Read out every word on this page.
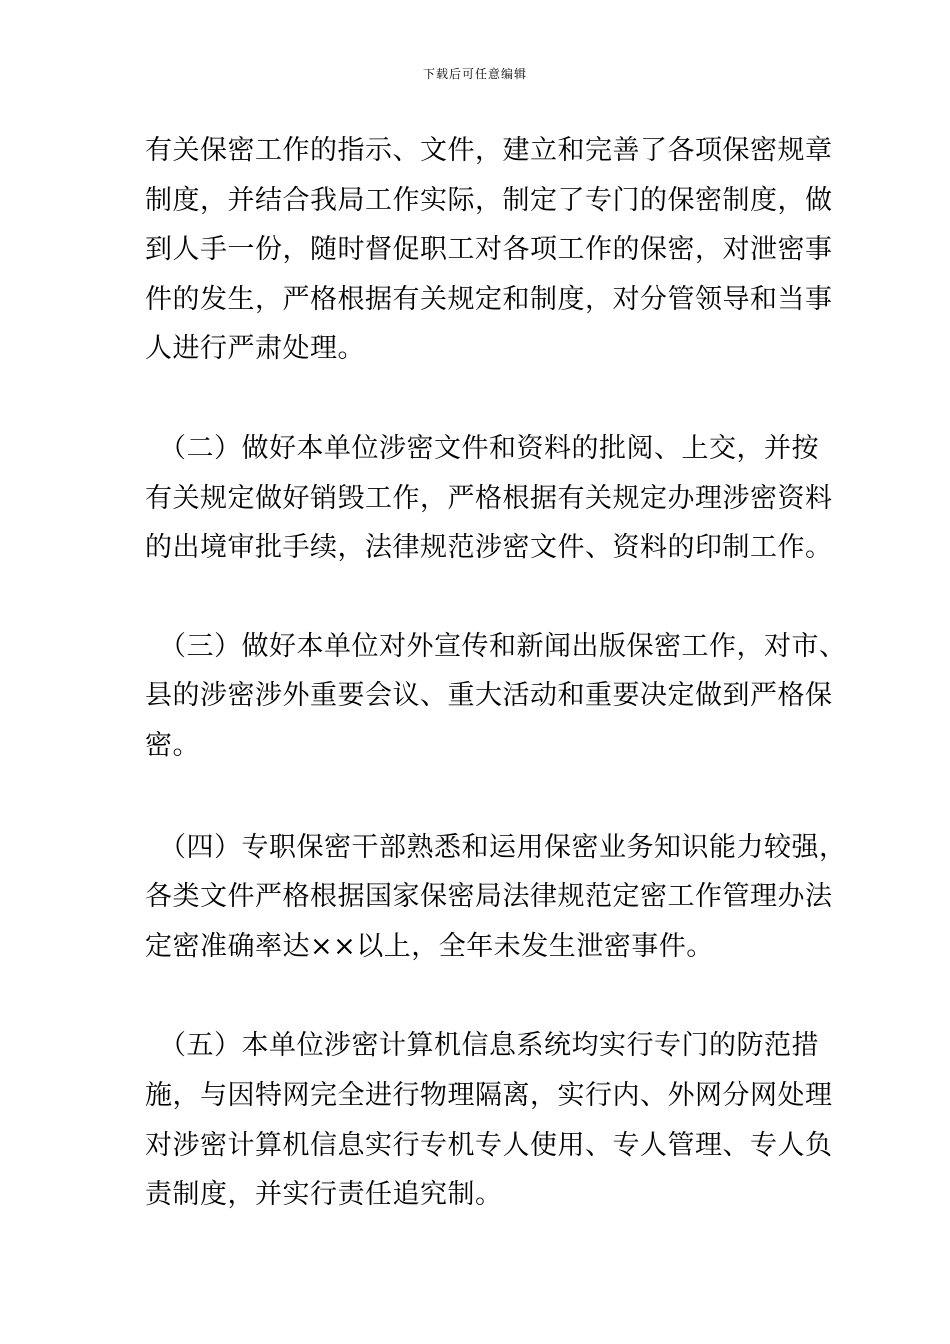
下载后可任意编辑

有关保密工作的指示、文件，建立和完善了各项保密规章
制度，并结合我局工作实际，制定了专门的保密制度，做
到人手一份，随时督促职工对各项工作的保密，对泄密事
件的发生，严格根据有关规定和制度，对分管领导和当事
人进行严肃处理。

　（二）做好本单位涉密文件和资料的批阅、上交，并按
有关规定做好销毁工作，严格根据有关规定办理涉密资料
的出境审批手续，法律规范涉密文件、资料的印制工作。

　（三）做好本单位对外宣传和新闻出版保密工作，对市、
县的涉密涉外重要会议、重大活动和重要决定做到严格保
密。

　（四）专职保密干部熟悉和运用保密业务知识能力较强，
各类文件严格根据国家保密局法律规范定密工作管理办法
定密准确率达××以上，全年未发生泄密事件。

　（五）本单位涉密计算机信息系统均实行专门的防范措
施，与因特网完全进行物理隔离，实行内、外网分网处理
对涉密计算机信息实行专机专人使用、专人管理、专人负
责制度，并实行责任追究制。
